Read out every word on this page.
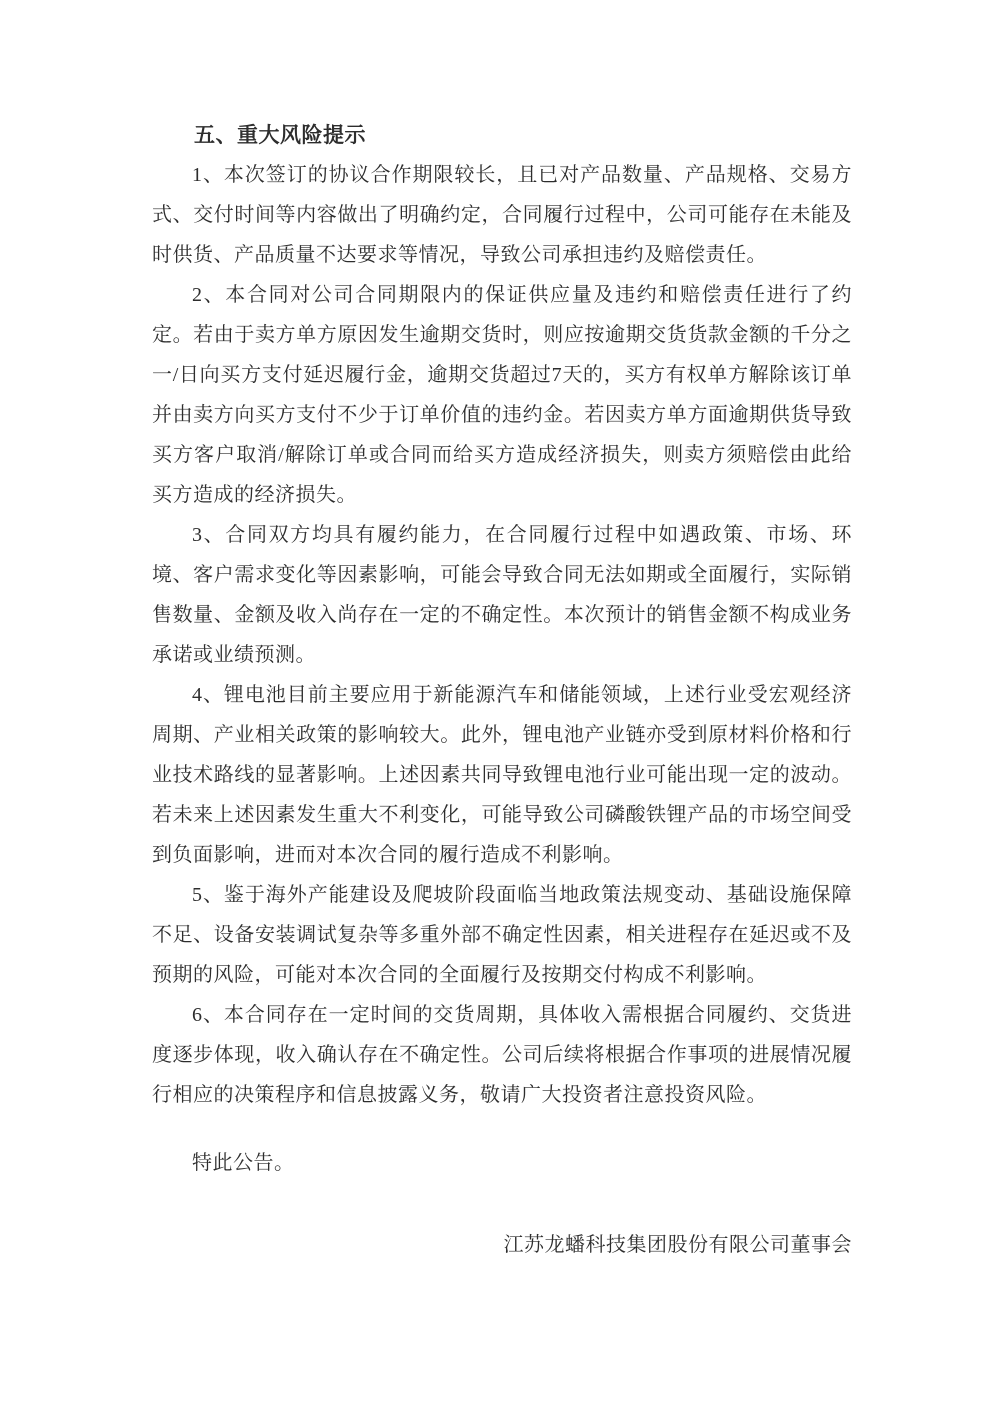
五、重大风险提示

1、本次签订的协议合作期限较长，且已对产品数量、产品规格、交易方式、交付时间等内容做出了明确约定，合同履行过程中，公司可能存在未能及时供货、产品质量不达要求等情况，导致公司承担违约及赔偿责任。

2、本合同对公司合同期限内的保证供应量及违约和赔偿责任进行了约定。若由于卖方单方原因发生逾期交货时，则应按逾期交货货款金额的千分之一/日向买方支付延迟履行金，逾期交货超过7天的，买方有权单方解除该订单并由卖方向买方支付不少于订单价值的违约金。若因卖方单方面逾期供货导致买方客户取消/解除订单或合同而给买方造成经济损失，则卖方须赔偿由此给买方造成的经济损失。

3、合同双方均具有履约能力，在合同履行过程中如遇政策、市场、环境、客户需求变化等因素影响，可能会导致合同无法如期或全面履行，实际销售数量、金额及收入尚存在一定的不确定性。本次预计的销售金额不构成业务承诺或业绩预测。

4、锂电池目前主要应用于新能源汽车和储能领域，上述行业受宏观经济周期、产业相关政策的影响较大。此外，锂电池产业链亦受到原材料价格和行业技术路线的显著影响。上述因素共同导致锂电池行业可能出现一定的波动。若未来上述因素发生重大不利变化，可能导致公司磷酸铁锂产品的市场空间受到负面影响，进而对本次合同的履行造成不利影响。

5、鉴于海外产能建设及爬坡阶段面临当地政策法规变动、基础设施保障不足、设备安装调试复杂等多重外部不确定性因素，相关进程存在延迟或不及预期的风险，可能对本次合同的全面履行及按期交付构成不利影响。

6、本合同存在一定时间的交货周期，具体收入需根据合同履约、交货进度逐步体现，收入确认存在不确定性。公司后续将根据合作事项的进展情况履行相应的决策程序和信息披露义务，敬请广大投资者注意投资风险。

特此公告。

江苏龙蟠科技集团股份有限公司董事会
